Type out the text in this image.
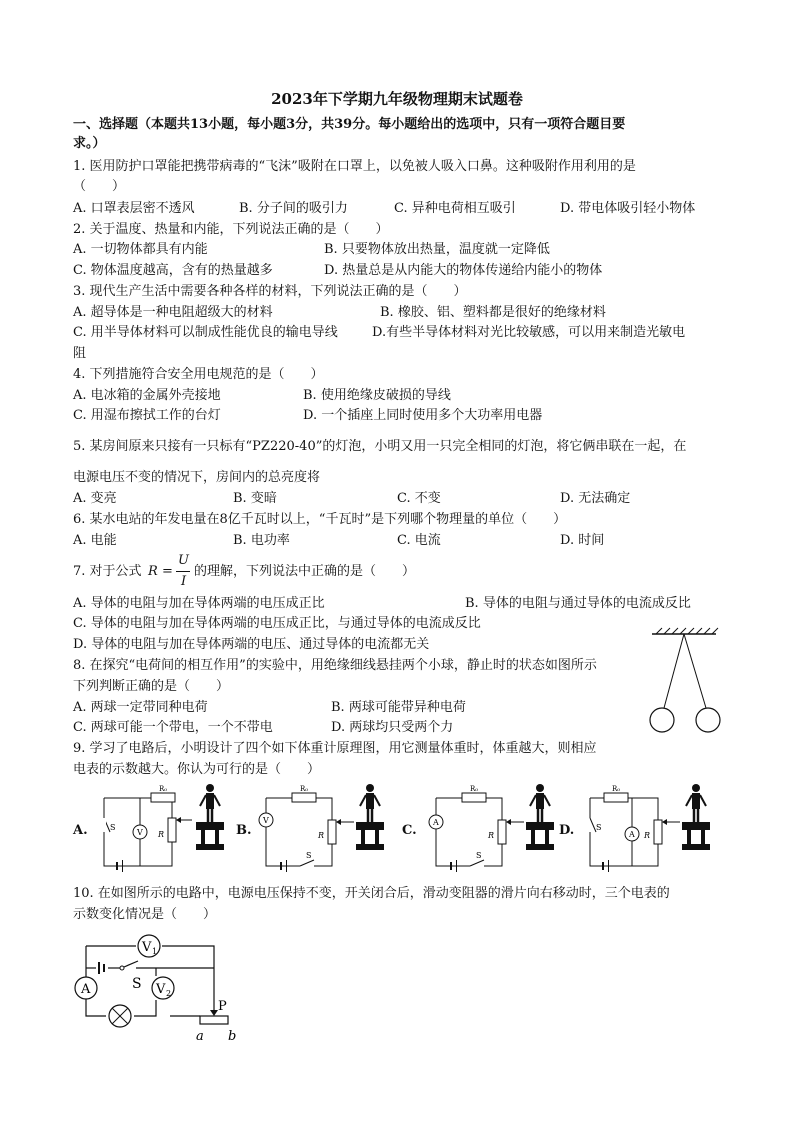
2023年下学期九年级物理期末试题卷
一、选择题（本题共13小题，每小题3分，共39分。每小题给出的选项中，只有一项符合题目要
求。）
1. 医用防护口罩能把携带病毒的“飞沫”吸附在口罩上，以免被人吸入口鼻。这种吸附作用利用的是
（　　）
A. 口罩表层密不透风	B. 分子间的吸引力	C. 异种电荷相互吸引	D. 带电体吸引轻小物体
2. 关于温度、热量和内能，下列说法正确的是（　　）
A. 一切物体都具有内能	B. 只要物体放出热量，温度就一定降低
C. 物体温度越高，含有的热量越多	D. 热量总是从内能大的物体传递给内能小的物体
3. 现代生产生活中需要各种各样的材料，下列说法正确的是（　　）
A. 超导体是一种电阻超级大的材料	B. 橡胶、铝、塑料都是很好的绝缘材料
C. 用半导体材料可以制成性能优良的输电导线	D.有些半导体材料对光比较敏感，可以用来制造光敏电
阻
4. 下列措施符合安全用电规范的是（　　）
A. 电冰箱的金属外壳接地	B. 使用绝缘皮破损的导线
C. 用湿布擦拭工作的台灯	D. 一个插座上同时使用多个大功率用电器
5. 某房间原来只接有一只标有“PZ220-40”的灯泡，小明又用一只完全相同的灯泡，将它俩串联在一起，在
电源电压不变的情况下，房间内的总亮度将
A. 变亮	B. 变暗	C. 不变	D. 无法确定
6. 某水电站的年发电量在8亿千瓦时以上，“千瓦时”是下列哪个物理量的单位（　　）
A. 电能	B. 电功率	C. 电流	D. 时间
7. 对于公式 R =
U
I
的理解，下列说法中正确的是（　　）
A. 导体的电阻与加在导体两端的电压成正比	B. 导体的电阻与通过导体的电流成反比
C. 导体的电阻与加在导体两端的电压成正比，与通过导体的电流成反比
D. 导体的电阻与加在导体两端的电压、通过导体的电流都无关
8. 在探究“电荷间的相互作用”的实验中，用绝缘细线悬挂两个小球，静止时的状态如图所示
下列判断正确的是（　　）
A. 两球一定带同种电荷	B. 两球可能带异种电荷
C. 两球可能一个带电，一个不带电	D. 两球均只受两个力
9. 学习了电路后，小明设计了四个如下体重计原理图，用它测量体重时，体重越大，则相应
电表的示数越大。你认为可行的是（　　）
A.
R₀
S
V R	B.
R₀
V
R
S
C.
R₀
A
R
S
D.
R₀
S
A R
10. 在如图所示的电路中，电源电压保持不变，开关闭合后，滑动变阻器的滑片向右移动时，三个电表的
示数变化情况是（　　）
S
V 1
A	V 2
P
a b
